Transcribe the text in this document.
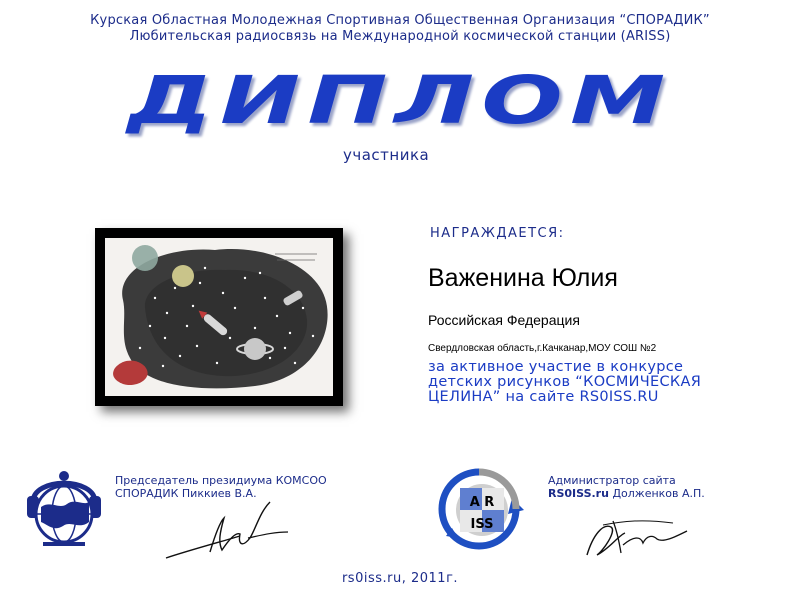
Курская Областная Молодежная Спортивная Общественная Организация “СПОРАДИК”
Любительская радиосвязь на Международной космической станции (ARISS)
ДИПЛОМ
участника
НАГРАЖДАЕТСЯ:
Важенина Юлия
Российская Федерация
Свердловская область,г.Качканар,МОУ СОШ №2
за активное участие в конкурсе
детских рисунков “КОСМИЧЕСКАЯ
ЦЕЛИНА” на сайте RS0ISS.RU
Председатель президиума КОМСОО
СПОРАДИК Пиккиев В.А.
A R
ISS
Администратор сайта
RS0ISS.ru Долженков А.П.
rs0iss.ru, 2011г.
